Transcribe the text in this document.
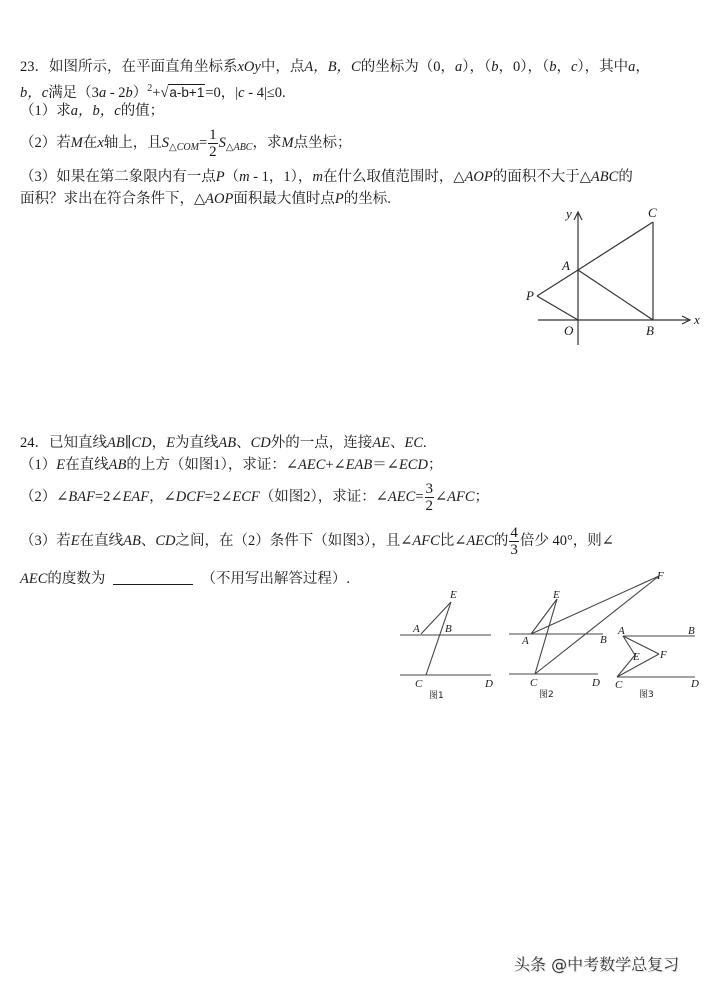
23．如图所示，在平面直角坐标系xOy中，点A，B，C的坐标为（0，a），（b，0），（b，c），其中a，
b，c满足（3a - 2b）$^2$+√a-b+1=0，|c - 4|≤0.
（1）求a，b，c的值；
（2）若M在x轴上，且$S_{\triangle COM}= \frac{1}{2} S_{\triangle ABC}$，求M点坐标；
（3）如果在第二象限内有一点P（m - 1，1），m在什么取值范围时，△AOP的面积不大于△ABC的
面积？求出在符合条件下，△AOP面积最大值时点P的坐标.
y
x
C
A
P
O	B
24．已知直线AB∥CD，E为直线AB、CD外的一点，连接AE、EC.
（1）E在直线AB的上方（如图1），求证：∠AEC+∠EAB＝∠ECD；
（2）∠BAF=2∠EAF，∠DCF=2∠ECF（如图2），求证：∠AEC= $\frac{3}{2}$ ∠AFC；
（3）若E在直线AB、CD之间，在（2）条件下（如图3），且∠AFC比∠AEC的 $\frac{4}{3}$ 倍少 40°，则∠
AEC的度数为	（不用写出解答过程）.
E
A B
C	D
图1
E
F
A	B
C	D
图2
A	B
E F
C	D
图3
头条 @中考数学总复习
